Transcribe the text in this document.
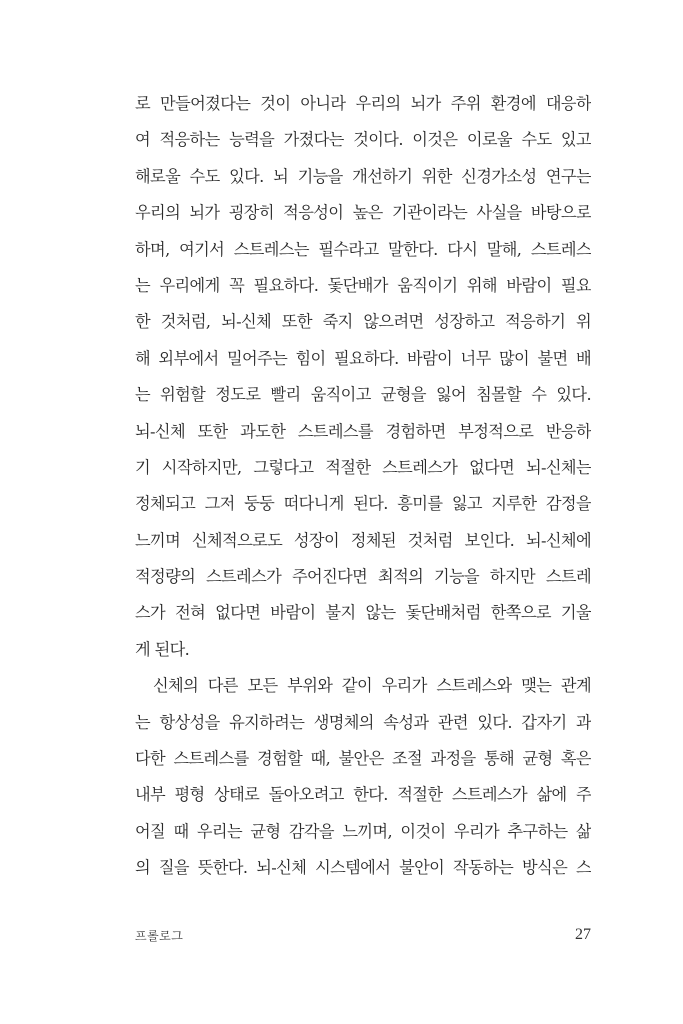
로 만들어졌다는 것이 아니라 우리의 뇌가 주위 환경에 대응하
여 적응하는 능력을 가졌다는 것이다. 이것은 이로울 수도 있고
해로울 수도 있다. 뇌 기능을 개선하기 위한 신경가소성 연구는
우리의 뇌가 굉장히 적응성이 높은 기관이라는 사실을 바탕으로
하며, 여기서 스트레스는 필수라고 말한다. 다시 말해, 스트레스
는 우리에게 꼭 필요하다. 돛단배가 움직이기 위해 바람이 필요
한 것처럼, 뇌-신체 또한 죽지 않으려면 성장하고 적응하기 위
해 외부에서 밀어주는 힘이 필요하다. 바람이 너무 많이 불면 배
는 위험할 정도로 빨리 움직이고 균형을 잃어 침몰할 수 있다.
뇌-신체 또한 과도한 스트레스를 경험하면 부정적으로 반응하
기 시작하지만, 그렇다고 적절한 스트레스가 없다면 뇌-신체는
정체되고 그저 둥둥 떠다니게 된다. 흥미를 잃고 지루한 감정을
느끼며 신체적으로도 성장이 정체된 것처럼 보인다. 뇌-신체에
적정량의 스트레스가 주어진다면 최적의 기능을 하지만 스트레
스가 전혀 없다면 바람이 불지 않는 돛단배처럼 한쪽으로 기울
게 된다.
신체의 다른 모든 부위와 같이 우리가 스트레스와 맺는 관계
는 항상성을 유지하려는 생명체의 속성과 관련 있다. 갑자기 과
다한 스트레스를 경험할 때, 불안은 조절 과정을 통해 균형 혹은
내부 평형 상태로 돌아오려고 한다. 적절한 스트레스가 삶에 주
어질 때 우리는 균형 감각을 느끼며, 이것이 우리가 추구하는 삶
의 질을 뜻한다. 뇌-신체 시스템에서 불안이 작동하는 방식은 스
프롤로그	27
